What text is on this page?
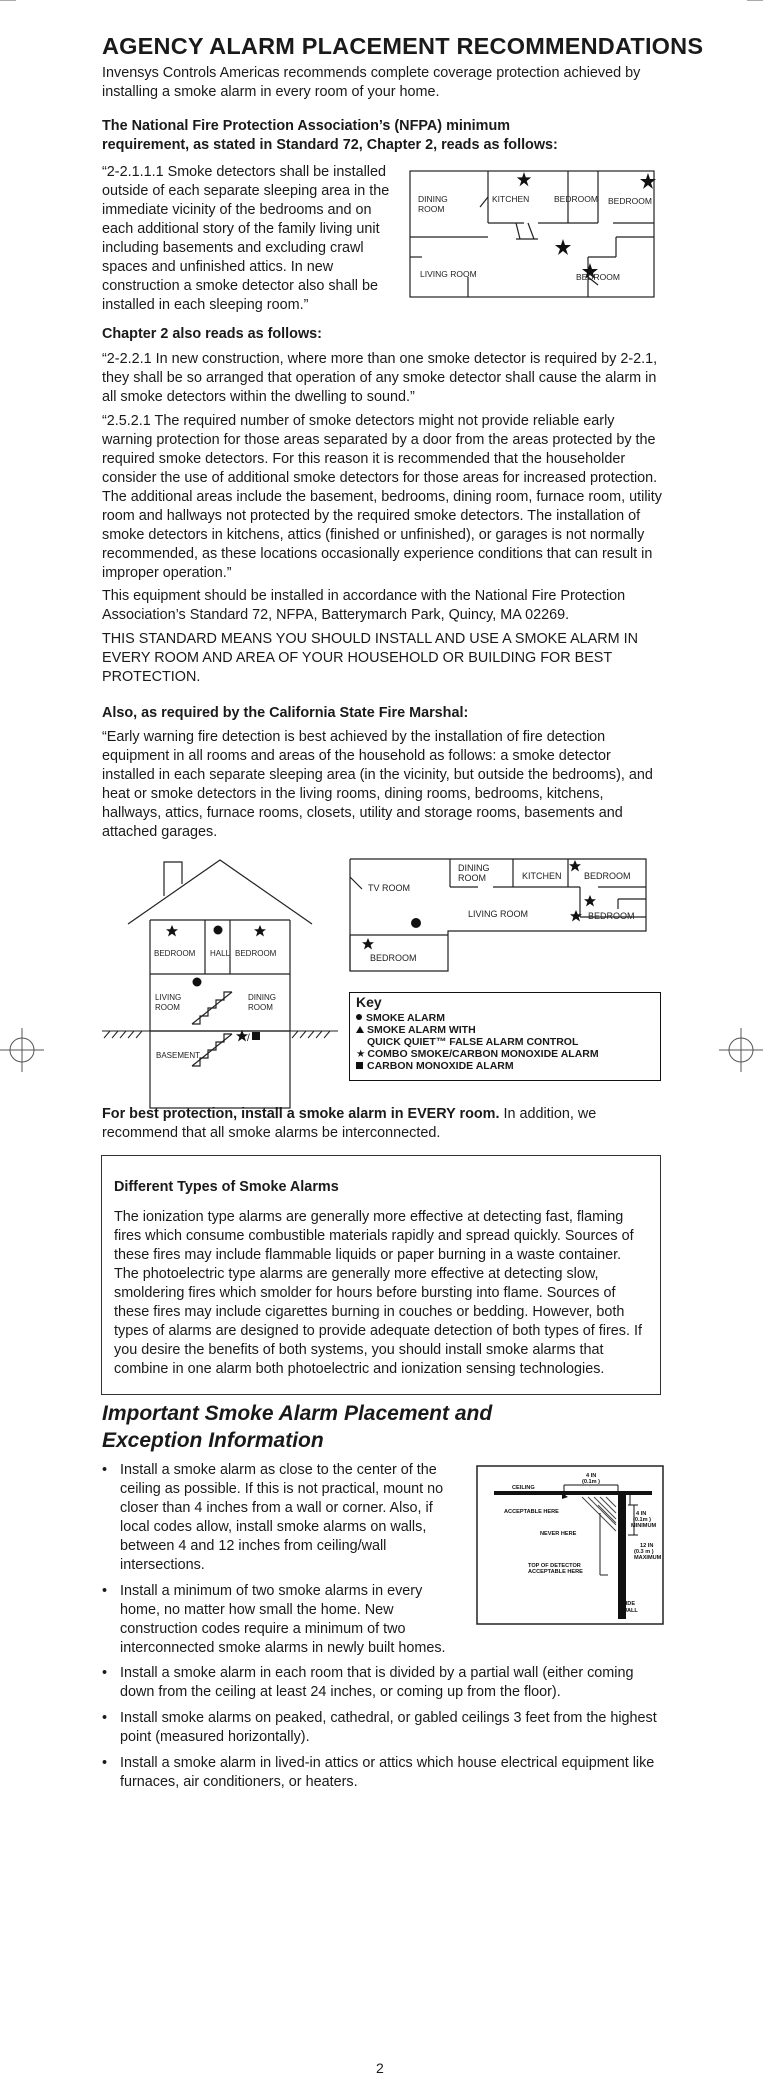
AGENCY ALARM PLACEMENT RECOMMENDATIONS

Invensys Controls Americas recommends complete coverage protection achieved by installing a smoke alarm in every room of your home.

The National Fire Protection Association’s (NFPA) minimum requirement, as stated in Standard 72, Chapter 2, reads as follows:

“2-2.1.1.1 Smoke detectors shall be installed outside of each separate sleeping area in the immediate vicinity of the bedrooms and on each additional story of the family living unit including basements and excluding crawl spaces and unfinished attics. In new construction a smoke detector also shall be installed in each sleeping room.”

DINING
ROOM
KITCHEN	BEDROOM BEDROOM
LIVING ROOM	BEDROOM

Chapter 2 also reads as follows:

“2-2.2.1 In new construction, where more than one smoke detector is required by 2-2.1, they shall be so arranged that operation of any smoke detector shall cause the alarm in all smoke detectors within the dwelling to sound.”

“2.5.2.1 The required number of smoke detectors might not provide reliable early warning protection for those areas separated by a door from the areas protected by the required smoke detectors. For this reason it is recommended that the householder consider the use of additional smoke detectors for those areas for increased protection. The additional areas include the basement, bedrooms, dining room, furnace room, utility room and hallways not protected by the required smoke detectors. The installation of smoke detectors in kitchens, attics (finished or unfinished), or garages is not normally recommended, as these locations occasionally experience conditions that can result in improper operation.”

This equipment should be installed in accordance with the National Fire Protection Association’s Standard 72, NFPA, Batterymarch Park, Quincy, MA 02269.

THIS STANDARD MEANS YOU SHOULD INSTALL AND USE A SMOKE ALARM IN EVERY ROOM AND AREA OF YOUR HOUSEHOLD OR BUILDING FOR BEST PROTECTION.

Also, as required by the California State Fire Marshal:

“Early warning fire detection is best achieved by the installation of fire detection equipment in all rooms and areas of the household as follows: a smoke detector installed in each separate sleeping area (in the vicinity, but outside the bedrooms), and heat or smoke detectors in the living rooms, dining rooms, bedrooms, kitchens, hallways, attics, furnace rooms, closets, utility and storage rooms, basements and attached garages.

/
BEDROOM HALL BEDROOM
LIVING
ROOM
DINING
ROOM
BASEMENT
TV ROOM
DINING
ROOM	KITCHEN BEDROOM
LIVING ROOM	BEDROOM
BEDROOM
Key
SMOKE ALARM
SMOKE ALARM WITH
QUICK QUIET™ FALSE ALARM CONTROL
★ COMBO SMOKE/CARBON MONOXIDE ALARM
CARBON MONOXIDE ALARM

For best protection, install a smoke alarm in EVERY room. In addition, we recommend that all smoke alarms be interconnected.

Different Types of Smoke Alarms

The ionization type alarms are generally more effective at detecting fast, flaming fires which consume combustible materials rapidly and spread quickly. Sources of these fires may include flammable liquids or paper burning in a waste container. The photoelectric type alarms are generally more effective at detecting slow, smoldering fires which smolder for hours before bursting into flame. Sources of these fires may include cigarettes burning in couches or bedding. However, both types of alarms are designed to provide adequate detection of both types of fires. If you desire the benefits of both systems, you should install smoke alarms that combine in one alarm both photoelectric and ionization sensing technologies.

Important Smoke Alarm Placement and Exception Information
• Install a smoke alarm as close to the center of the ceiling as possible. If this is not practical, mount no closer than 4 inches from a wall or corner. Also, if local codes allow, install smoke alarms on walls, between 4 and 12 inches from ceiling/wall intersections.
• Install a minimum of two smoke alarms in every home, no matter how small the home. New construction codes require a minimum of two interconnected smoke alarms in newly built homes.
• Install a smoke alarm in each room that is divided by a partial wall (either coming down from the ceiling at least 24 inches, or coming up from the floor).
• Install smoke alarms on peaked, cathedral, or gabled ceilings 3 feet from the highest point (measured horizontally).
• Install a smoke alarm in lived-in attics or attics which house electrical equipment like furnaces, air conditioners, or heaters.
CEILING
4 IN
(0.1m )
ACCEPTABLE HERE	4 IN
(0.1m )
MINIMUM
NEVER HERE
12 IN
(0.3 m )
MAXIMUM
TOP OF DETECTOR
ACCEPTABLE HERE
SIDE
WALL
2
